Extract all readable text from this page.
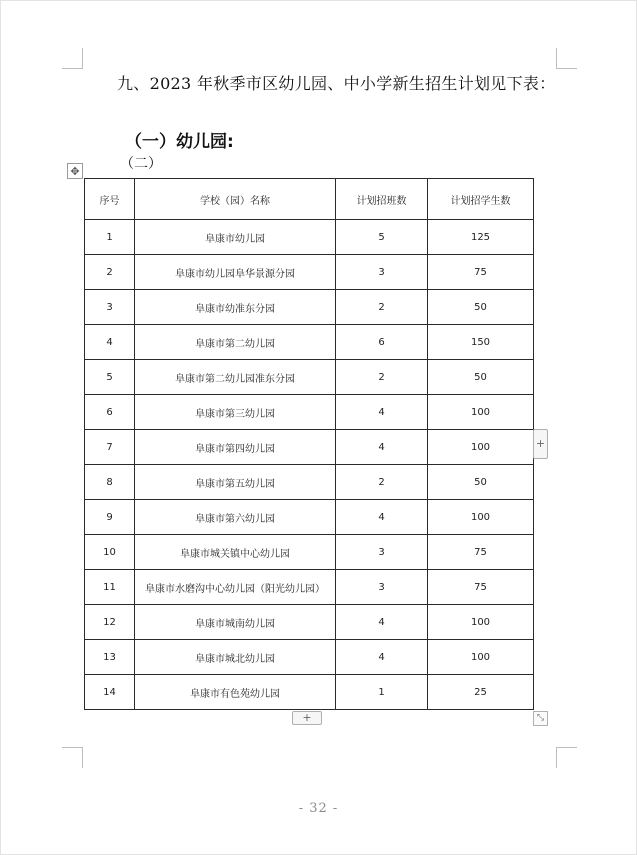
九、2023 年秋季市区幼儿园、中小学新生招生计划见下表：
（一）幼儿园:
（二）
✥
序号	学校（园）名称	计划招班数	计划招学生数
1	阜康市幼儿园	5	125
2	阜康市幼儿园阜华景源分园	3	75
3	阜康市幼准东分园	2	50
4	阜康市第二幼儿园	6	150
5	阜康市第二幼儿园准东分园	2	50
6	阜康市第三幼儿园	4	100
7	阜康市第四幼儿园	4	100
8	阜康市第五幼儿园	2	50
9	阜康市第六幼儿园	4	100
10	阜康市城关镇中心幼儿园	3	75
11	阜康市水磨沟中心幼儿园（阳光幼儿园）	3	75
12	阜康市城南幼儿园	4	100
13	阜康市城北幼儿园	4	100
14	阜康市有色苑幼儿园	1	25
+
+
⤡
- 32 -
